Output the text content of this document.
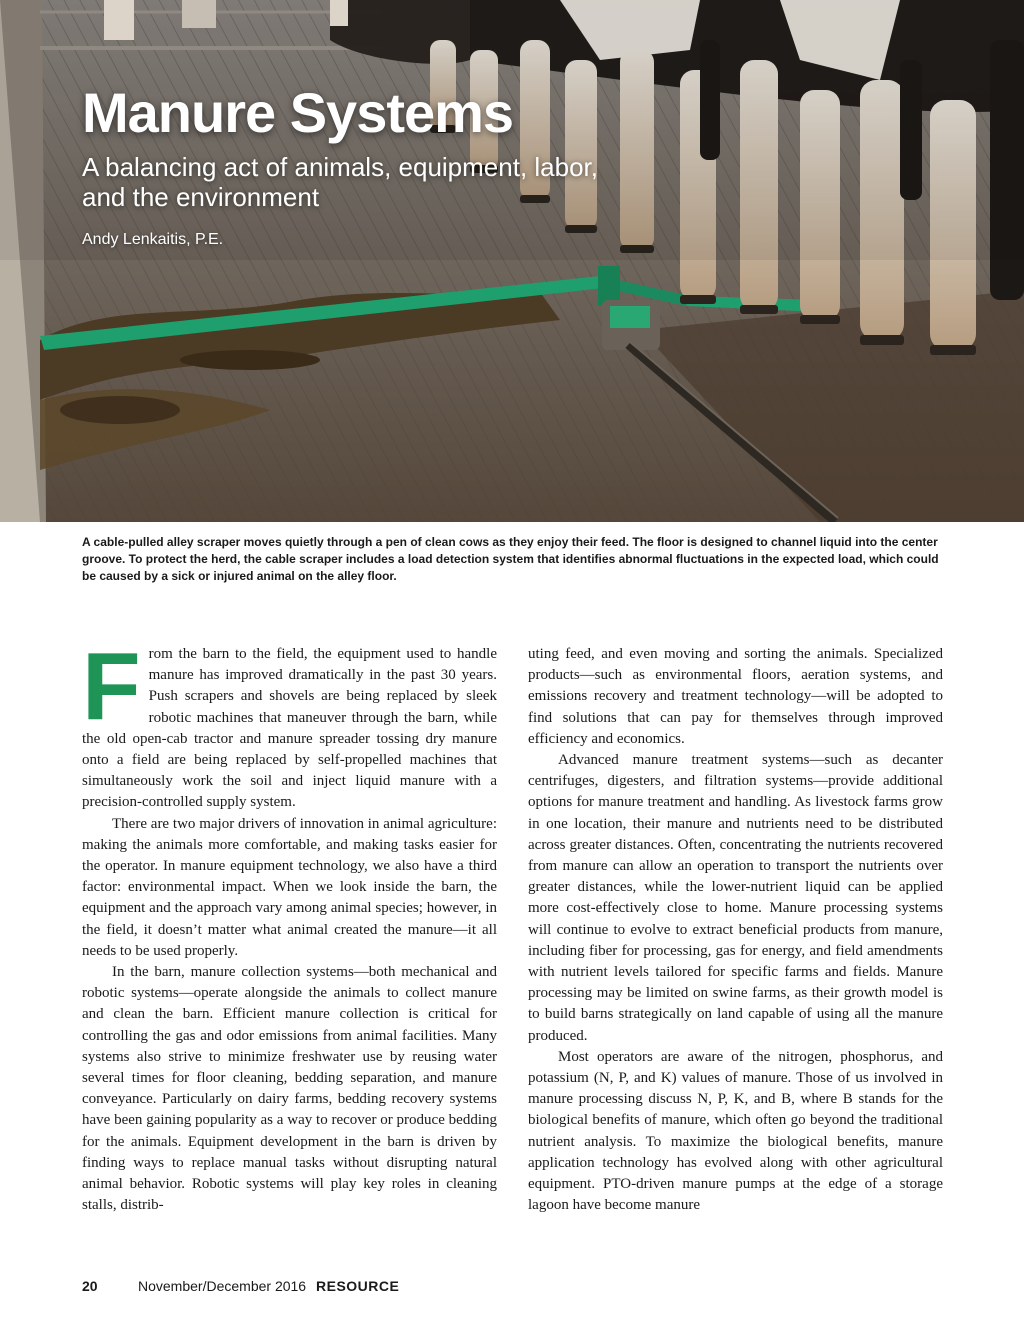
Manure Systems

A balancing act of animals, equipment, labor, and the environment

Andy Lenkaitis, P.E.

A cable-pulled alley scraper moves quietly through a pen of clean cows as they enjoy their feed. The floor is designed to channel liquid into the center groove. To protect the herd, the cable scraper includes a load detection system that identifies abnormal fluctuations in the expected load, which could be caused by a sick or injured animal on the alley floor.

From the barn to the field, the equipment used to handle manure has improved dramatically in the past 30 years. Push scrapers and shovels are being replaced by sleek robotic machines that maneuver through the barn, while the old open-cab tractor and manure spreader tossing dry manure onto a field are being replaced by self-propelled machines that simultaneously work the soil and inject liquid manure with a precision-controlled supply system.

There are two major drivers of innovation in animal agriculture: making the animals more comfortable, and making tasks easier for the operator. In manure equipment technology, we also have a third factor: environmental impact. When we look inside the barn, the equipment and the approach vary among animal species; however, in the field, it doesn’t matter what animal created the manure—it all needs to be used properly.

In the barn, manure collection systems—both mechanical and robotic systems—operate alongside the animals to collect manure and clean the barn. Efficient manure collection is critical for controlling the gas and odor emissions from animal facilities. Many systems also strive to minimize freshwater use by reusing water several times for floor cleaning, bedding separation, and manure conveyance. Particularly on dairy farms, bedding recovery systems have been gaining popularity as a way to recover or produce bedding for the animals. Equipment development in the barn is driven by finding ways to replace manual tasks without disrupting natural animal behavior. Robotic systems will play key roles in cleaning stalls, distrib-

uting feed, and even moving and sorting the animals. Specialized products—such as environmental floors, aeration systems, and emissions recovery and treatment technology—will be adopted to find solutions that can pay for themselves through improved efficiency and economics.

Advanced manure treatment systems—such as decanter centrifuges, digesters, and filtration systems—provide additional options for manure treatment and handling. As livestock farms grow in one location, their manure and nutrients need to be distributed across greater distances. Often, concentrating the nutrients recovered from manure can allow an operation to transport the nutrients over greater distances, while the lower-nutrient liquid can be applied more cost-effectively close to home. Manure processing systems will continue to evolve to extract beneficial products from manure, including fiber for processing, gas for energy, and field amendments with nutrient levels tailored for specific farms and fields. Manure processing may be limited on swine farms, as their growth model is to build barns strategically on land capable of using all the manure produced.

Most operators are aware of the nitrogen, phosphorus, and potassium (N, P, and K) values of manure. Those of us involved in manure processing discuss N, P, K, and B, where B stands for the biological benefits of manure, which often go beyond the traditional nutrient analysis. To maximize the biological benefits, manure application technology has evolved along with other agricultural equipment. PTO-driven manure pumps at the edge of a storage lagoon have become manure

20	November/December 2016 RESOURCE
